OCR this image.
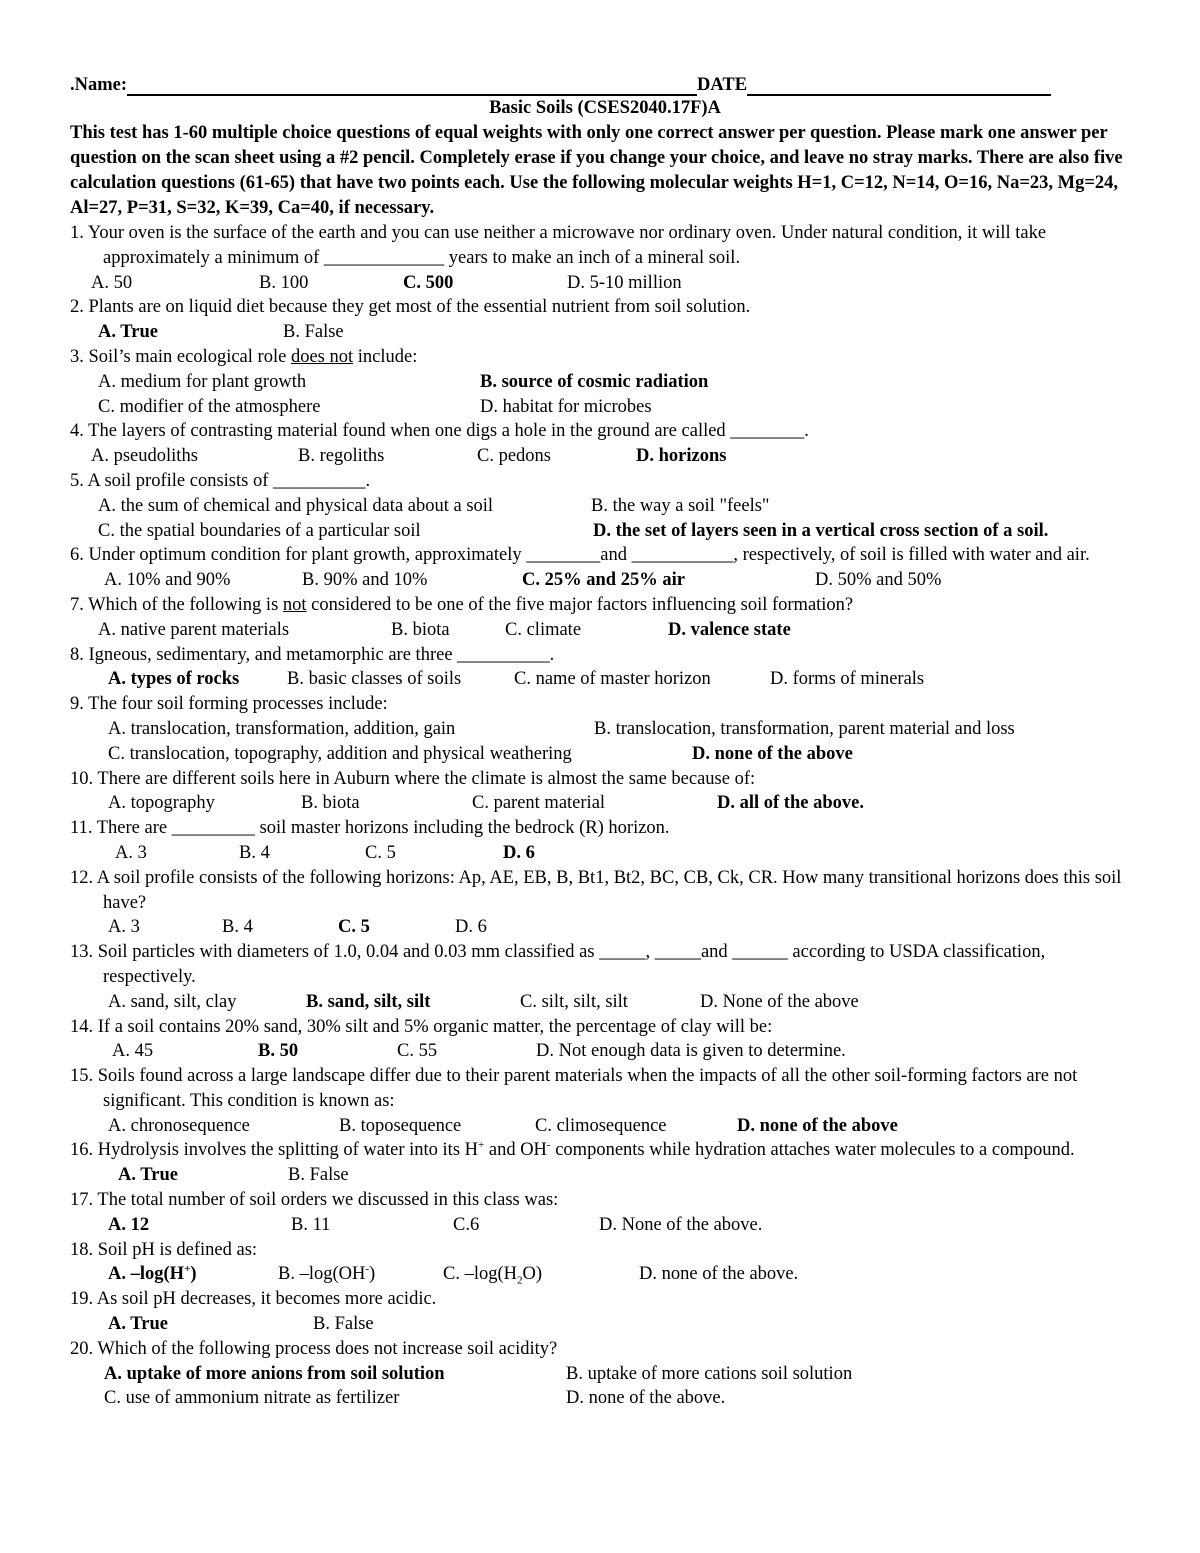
.Name:	DATE
Basic Soils (CSES2040.17F)A
This test has 1-60 multiple choice questions of equal weights with only one correct answer per question. Please mark one answer per question on the scan sheet using a #2 pencil. Completely erase if you change your choice, and leave no stray marks. There are also five calculation questions (61-65) that have two points each. Use the following molecular weights H=1, C=12, N=14, O=16, Na=23, Mg=24, Al=27, P=31, S=32, K=39, Ca=40, if necessary.
1. Your oven is the surface of the earth and you can use neither a microwave nor ordinary oven. Under natural condition, it will take approximately a minimum of _____________ years to make an inch of a mineral soil.
A. 50	B. 100	C. 500	D. 5-10 million
2. Plants are on liquid diet because they get most of the essential nutrient from soil solution.
A. True	B. False
3. Soil’s main ecological role does not include:
A. medium for plant growth	B. source of cosmic radiation
C. modifier of the atmosphere	D. habitat for microbes
4. The layers of contrasting material found when one digs a hole in the ground are called ________.
A. pseudoliths	B. regoliths	C. pedons	D. horizons
5. A soil profile consists of __________.
A. the sum of chemical and physical data about a soil	B. the way a soil "feels"
C. the spatial boundaries of a particular soil	D. the set of layers seen in a vertical cross section of a soil.
6. Under optimum condition for plant growth, approximately ________and ___________, respectively, of soil is filled with water and air.
A. 10% and 90%	B. 90% and 10%	C. 25% and 25% air	D. 50% and 50%
7. Which of the following is not considered to be one of the five major factors influencing soil formation?
A. native parent materials	B. biota	C. climate	D. valence state
8. Igneous, sedimentary, and metamorphic are three __________.
A. types of rocks	B. basic classes of soils	C. name of master horizon	D. forms of minerals
9. The four soil forming processes include:
A. translocation, transformation, addition, gain	B. translocation, transformation, parent material and loss
C. translocation, topography, addition and physical weathering	D. none of the above
10. There are different soils here in Auburn where the climate is almost the same because of:
A. topography	B. biota	C. parent material	D. all of the above.
11. There are _________ soil master horizons including the bedrock (R) horizon.
A. 3	B. 4	C. 5	D. 6
12. A soil profile consists of the following horizons: Ap, AE, EB, B, Bt1, Bt2, BC, CB, Ck, CR. How many transitional horizons does this soil have?
A. 3	B. 4	C. 5	D. 6
13. Soil particles with diameters of 1.0, 0.04 and 0.03 mm classified as _____, _____and ______ according to USDA classification, respectively.
A. sand, silt, clay	B. sand, silt, silt	C. silt, silt, silt	D. None of the above
14. If a soil contains 20% sand, 30% silt and 5% organic matter, the percentage of clay will be:
A. 45	B. 50	C. 55	D. Not enough data is given to determine.
15. Soils found across a large landscape differ due to their parent materials when the impacts of all the other soil-forming factors are not significant. This condition is known as:
A. chronosequence	B. toposequence	C. climosequence	D. none of the above
16. Hydrolysis involves the splitting of water into its H+ and OH- components while hydration attaches water molecules to a compound.
A. True	B. False
17. The total number of soil orders we discussed in this class was:
A. 12	B. 11	C.6	D. None of the above.
18. Soil pH is defined as:
A. –log(H+)	B. –log(OH-)	C. $-\log(H_2O)$	D. none of the above.
19. As soil pH decreases, it becomes more acidic.
A. True	B. False
20. Which of the following process does not increase soil acidity?
A. uptake of more anions from soil solution	B. uptake of more cations soil solution
C. use of ammonium nitrate as fertilizer	D. none of the above.
